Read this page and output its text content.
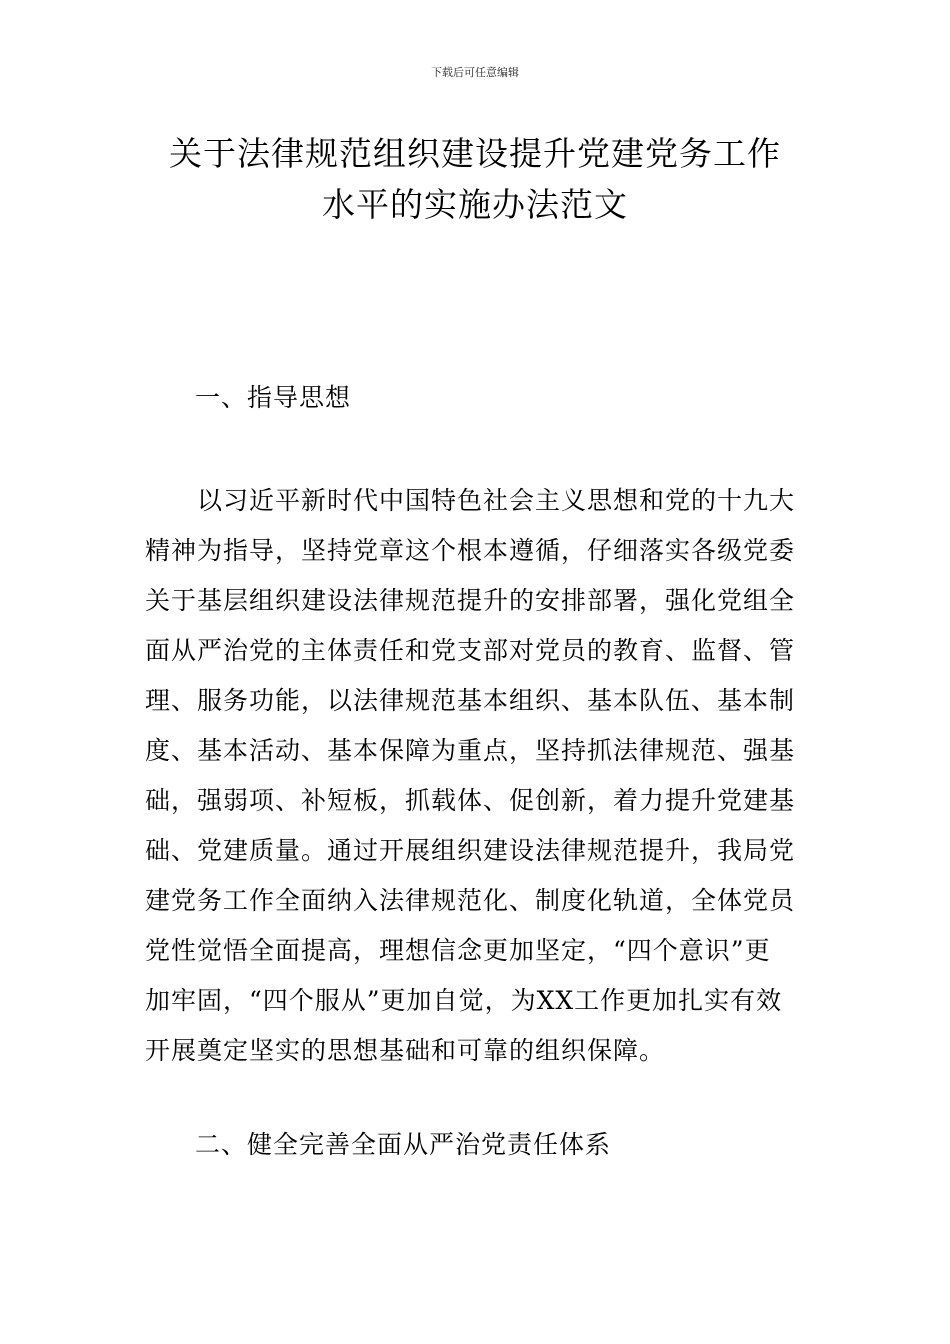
下载后可任意编辑
关于法律规范组织建设提升党建党务工作
水平的实施办法范文
一、指导思想
　　以习近平新时代中国特色社会主义思想和党的十九大
精神为指导，坚持党章这个根本遵循，仔细落实各级党委
关于基层组织建设法律规范提升的安排部署，强化党组全
面从严治党的主体责任和党支部对党员的教育、监督、管
理、服务功能，以法律规范基本组织、基本队伍、基本制
度、基本活动、基本保障为重点，坚持抓法律规范、强基
础，强弱项、补短板，抓载体、促创新，着力提升党建基
础、党建质量。通过开展组织建设法律规范提升，我局党
建党务工作全面纳入法律规范化、制度化轨道，全体党员
党性觉悟全面提高，理想信念更加坚定，“四个意识”更
加牢固，“四个服从”更加自觉，为XX工作更加扎实有效
开展奠定坚实的思想基础和可靠的组织保障。
二、健全完善全面从严治党责任体系
